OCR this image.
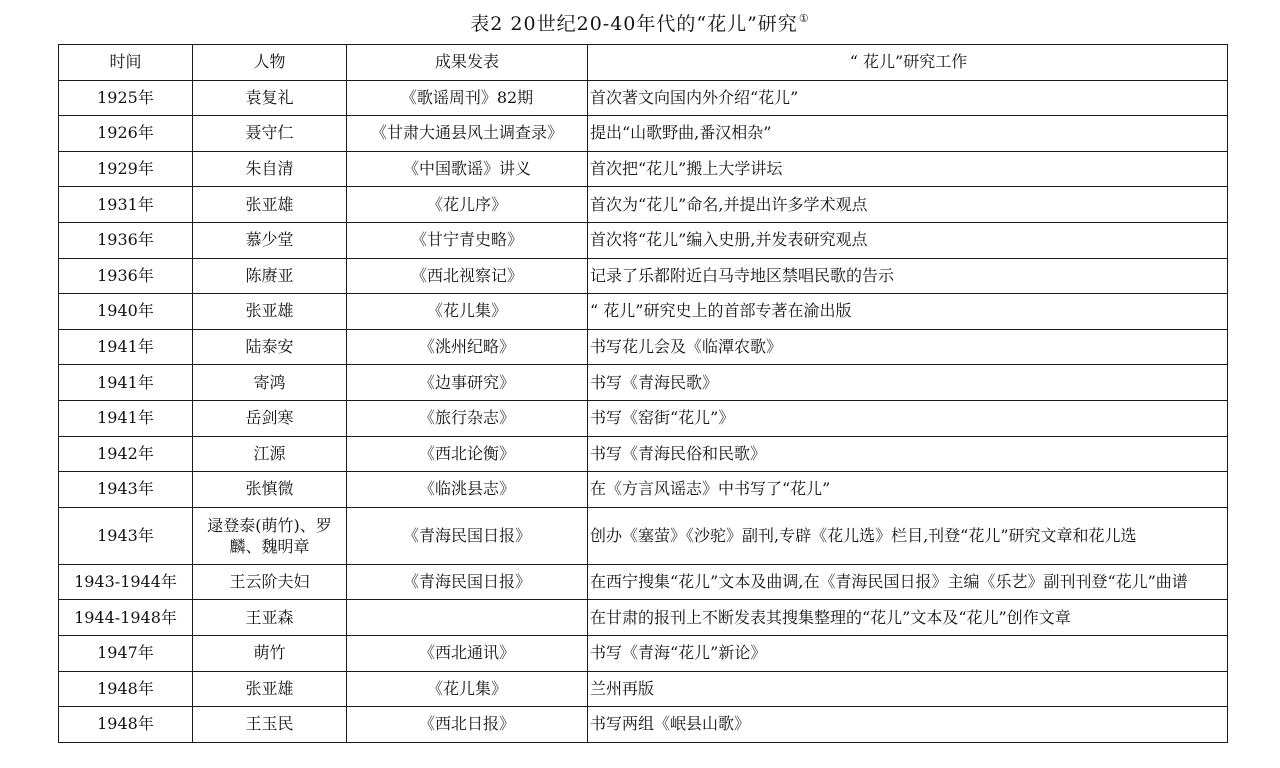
表2 20世纪20-40年代的“花儿”研究①
时间	人物	成果发表	“ 花儿”研究工作
1925年	袁复礼	《歌谣周刊》82期	首次著文向国内外介绍“花儿”
1926年	聂守仁	《甘肃大通县风土调查录》	提出“山歌野曲,番汉相杂”
1929年	朱自清	《中国歌谣》讲义	首次把“花儿”搬上大学讲坛
1931年	张亚雄	《花儿序》	首次为“花儿”命名,并提出许多学术观点
1936年	慕少堂	《甘宁青史略》	首次将“花儿”编入史册,并发表研究观点
1936年	陈赓亚	《西北视察记》	记录了乐都附近白马寺地区禁唱民歌的告示
1940年	张亚雄	《花儿集》	“ 花儿”研究史上的首部专著在渝出版
1941年	陆泰安	《洮州纪略》	书写花儿会及《临潭农歌》
1941年	寄鸿	《边事研究》	书写《青海民歌》
1941年	岳剑寒	《旅行杂志》	书写《窑街“花儿”》
1942年	江源	《西北论衡》	书写《青海民俗和民歌》
1943年	张慎微	《临洮县志》	在《方言风谣志》中书写了“花儿”
1943年	逯登泰(萌竹)、罗麟、魏明章	《青海民国日报》	创办《塞萤》《沙驼》副刊,专辟《花儿选》栏目,刊登“花儿”研究文章和花儿选
1943-1944年	王云阶夫妇	《青海民国日报》	在西宁搜集“花儿”文本及曲调,在《青海民国日报》主编《乐艺》副刊刊登“花儿”曲谱
1944-1948年	王亚森		在甘肃的报刊上不断发表其搜集整理的“花儿”文本及“花儿”创作文章
1947年	萌竹	《西北通讯》	书写《青海“花儿”新论》
1948年	张亚雄	《花儿集》	兰州再版
1948年	王玉民	《西北日报》	书写两组《岷县山歌》
